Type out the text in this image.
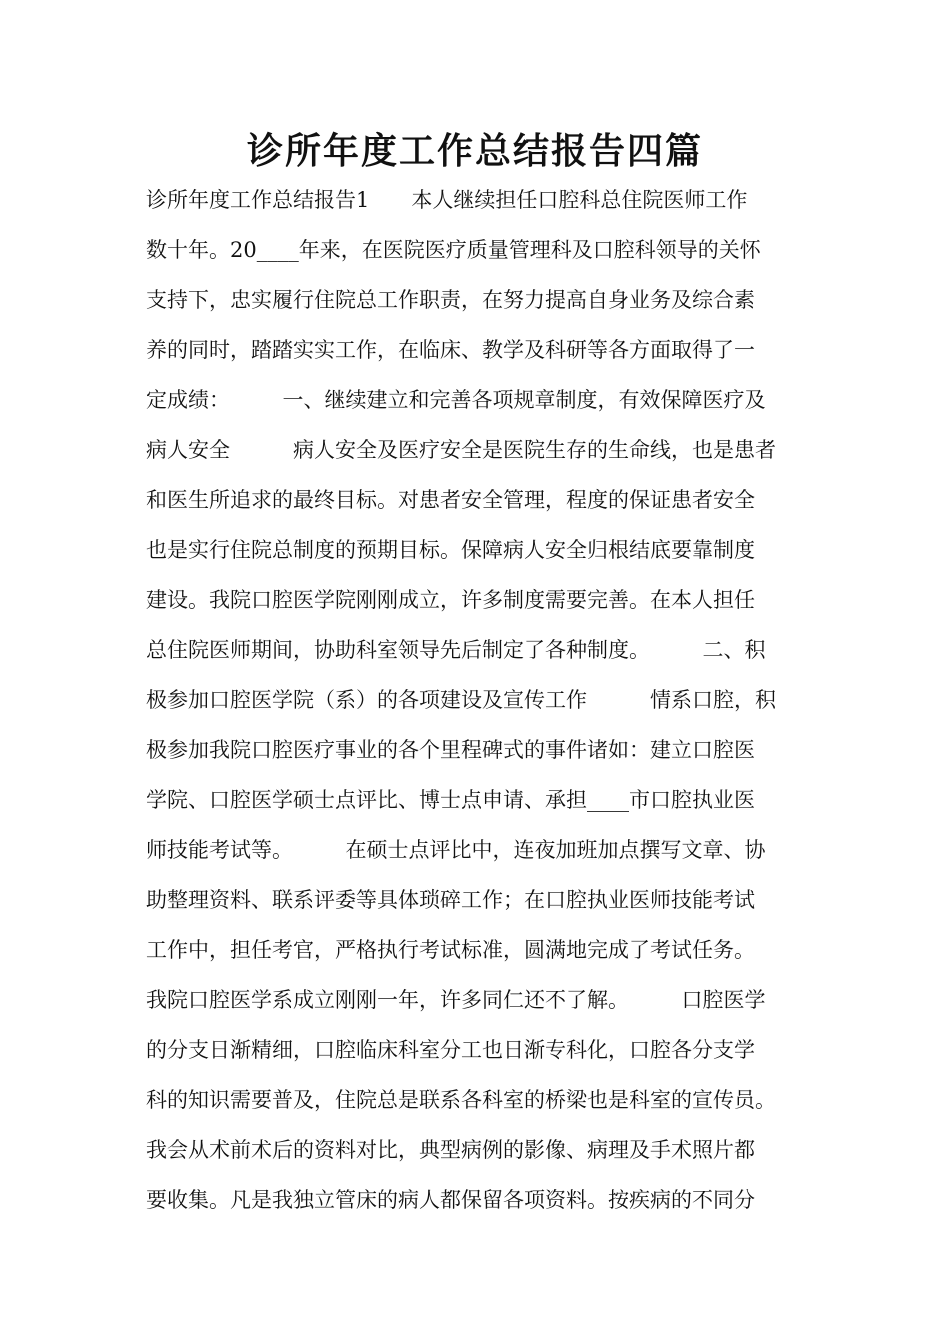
诊所年度工作总结报告四篇
诊所年度工作总结报告1　　本人继续担任口腔科总住院医师工作
数十年。20____年来，在医院医疗质量管理科及口腔科领导的关怀
支持下，忠实履行住院总工作职责，在努力提高自身业务及综合素
养的同时，踏踏实实工作，在临床、教学及科研等各方面取得了一
定成绩：　　　一、继续建立和完善各项规章制度，有效保障医疗及
病人安全　　　病人安全及医疗安全是医院生存的生命线，也是患者
和医生所追求的最终目标。对患者安全管理，程度的保证患者安全
也是实行住院总制度的预期目标。保障病人安全归根结底要靠制度
建设。我院口腔医学院刚刚成立，许多制度需要完善。在本人担任
总住院医师期间，协助科室领导先后制定了各种制度。　　　二、积
极参加口腔医学院（系）的各项建设及宣传工作　　　情系口腔，积
极参加我院口腔医疗事业的各个里程碑式的事件诸如：建立口腔医
学院、口腔医学硕士点评比、博士点申请、承担____市口腔执业医
师技能考试等。　　　在硕士点评比中，连夜加班加点撰写文章、协
助整理资料、联系评委等具体琐碎工作；在口腔执业医师技能考试
工作中，担任考官，严格执行考试标准，圆满地完成了考试任务。
我院口腔医学系成立刚刚一年，许多同仁还不了解。　　　口腔医学
的分支日渐精细，口腔临床科室分工也日渐专科化，口腔各分支学
科的知识需要普及，住院总是联系各科室的桥梁也是科室的宣传员。
我会从术前术后的资料对比，典型病例的影像、病理及手术照片都
要收集。凡是我独立管床的病人都保留各项资料。按疾病的不同分
